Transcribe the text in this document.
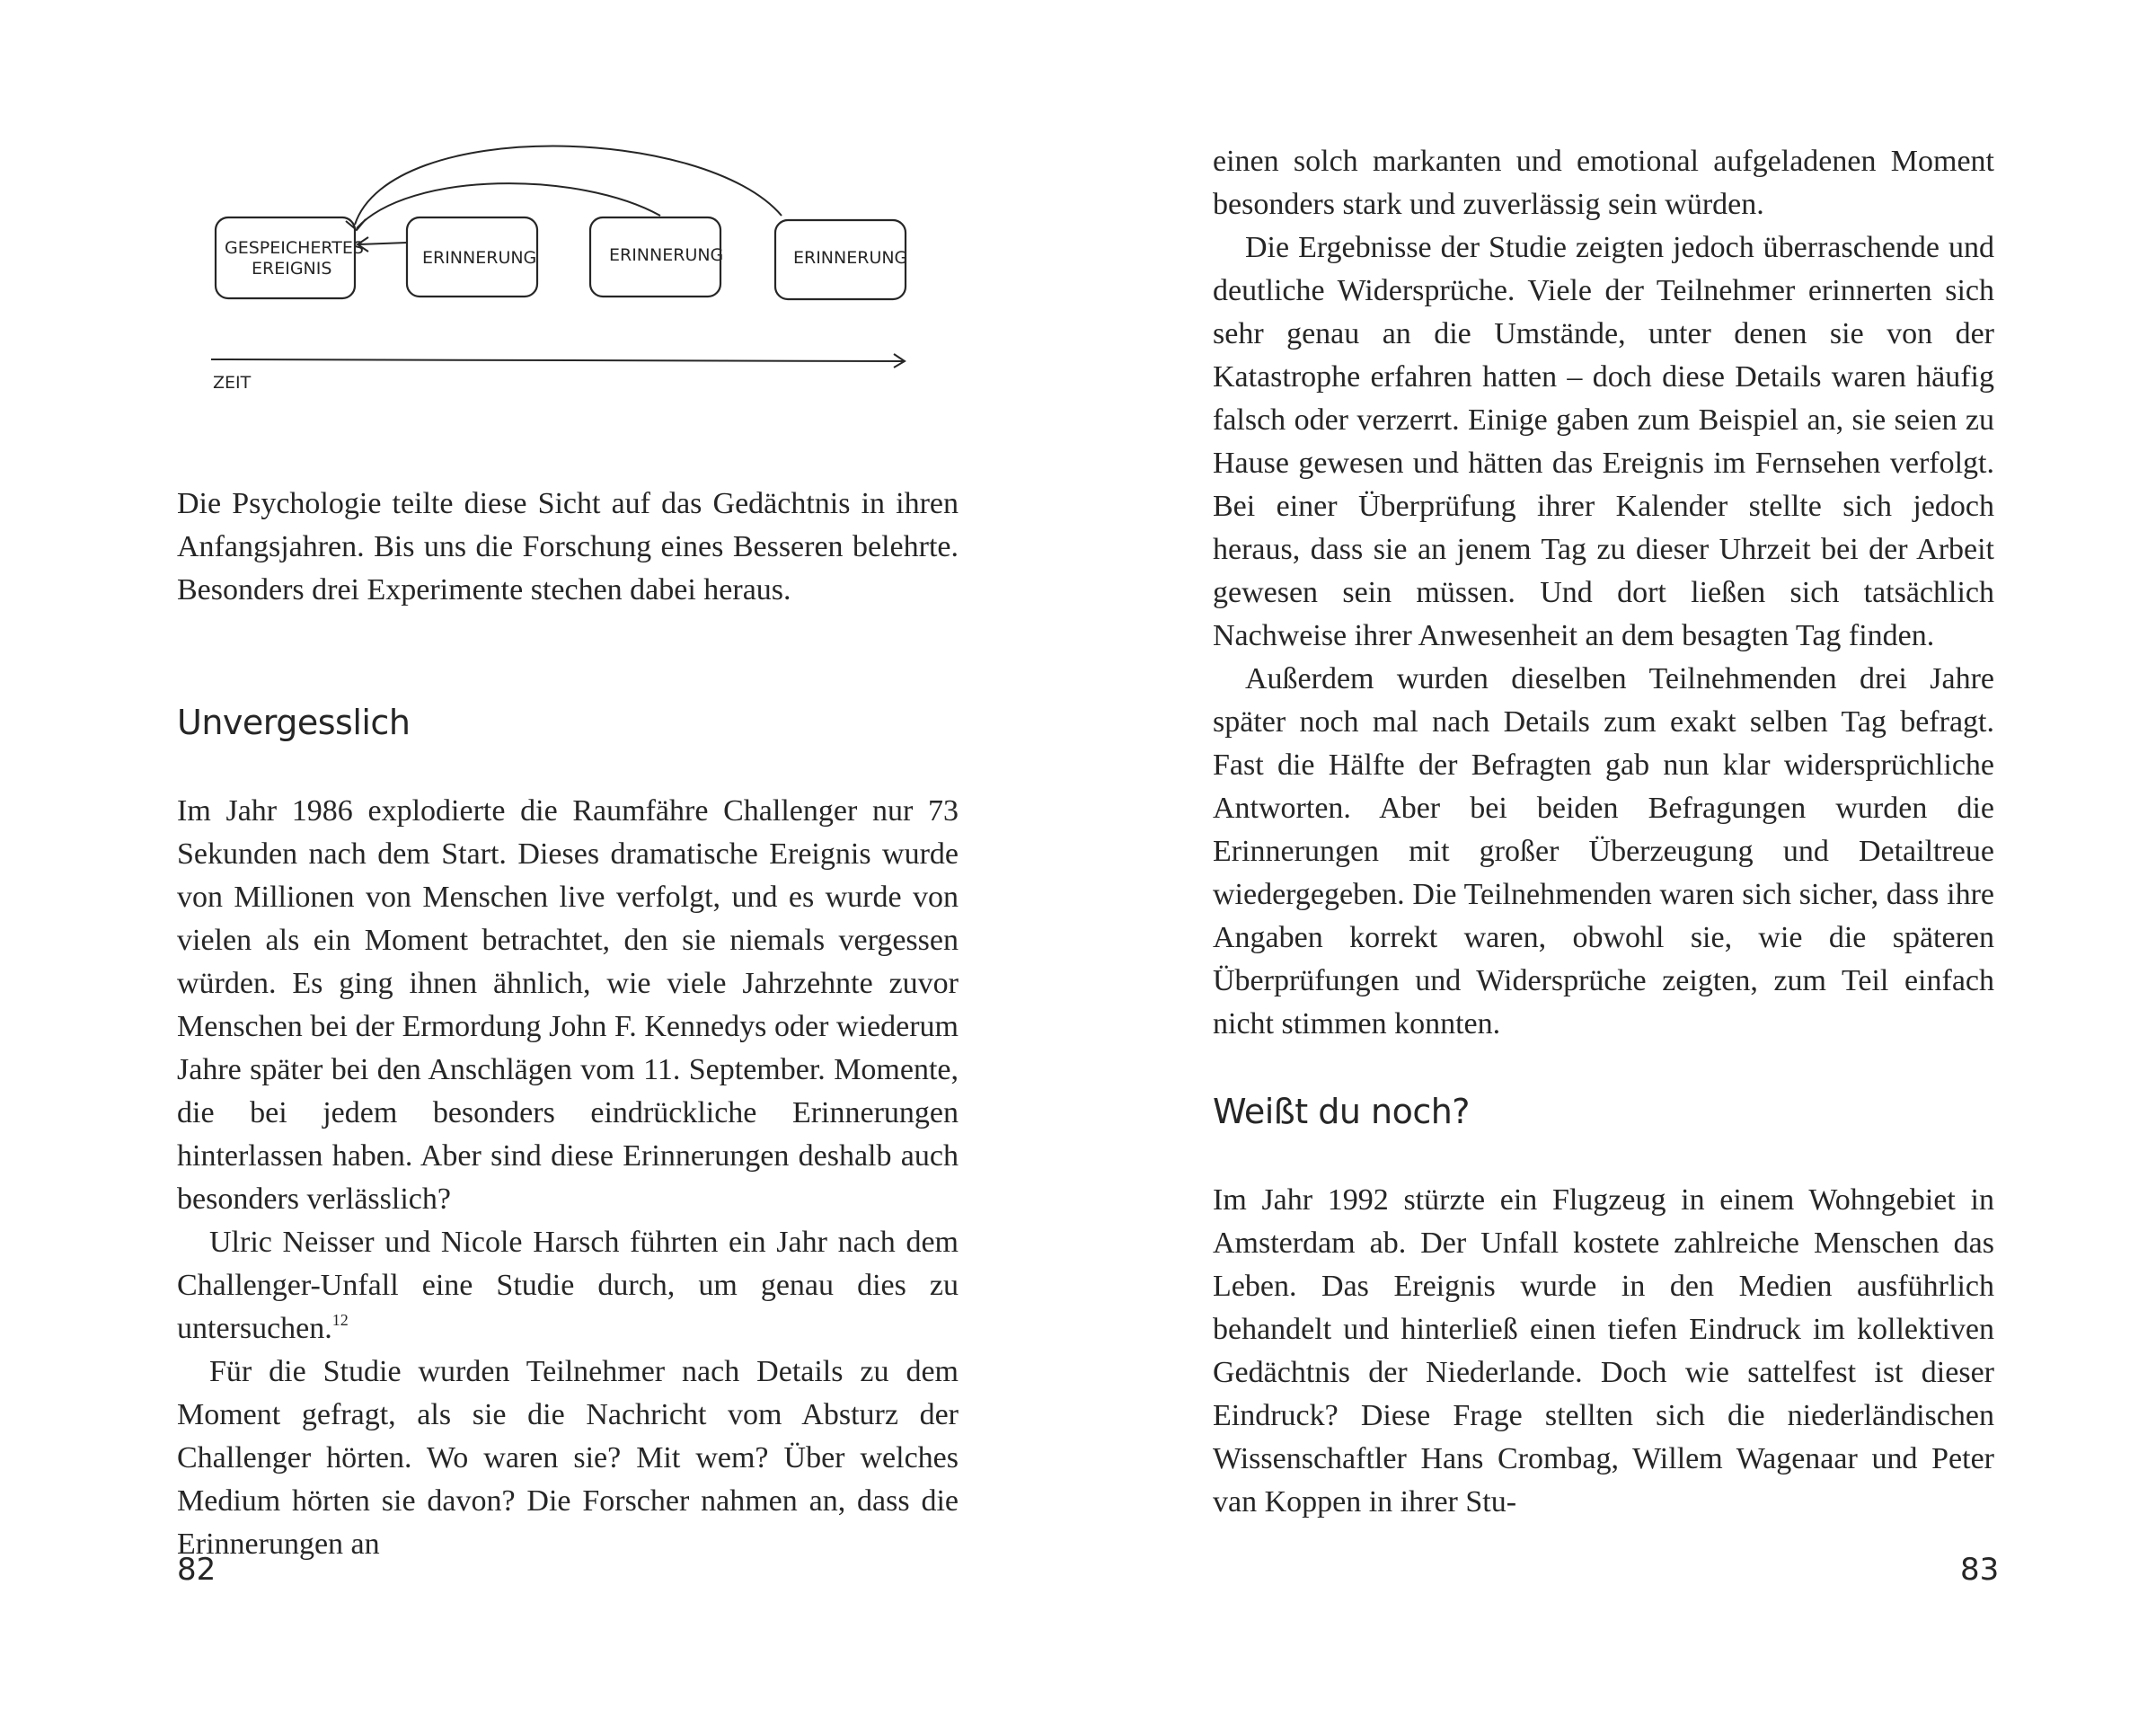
GESPEICHERTES
EREIGNIS
ERINNERUNG	ERINNERUNG	ERINNERUNG
ZEIT

Die Psychologie teilte diese Sicht auf das Gedächtnis in ihren Anfangsjahren. Bis uns die Forschung eines Besseren belehrte. Besonders drei Experimente stechen dabei heraus.

Unvergesslich

Im Jahr 1986 explodierte die Raumfähre Challenger nur 73 Sekunden nach dem Start. Dieses dramatische Ereignis wurde von Millionen von Menschen live verfolgt, und es wurde von vielen als ein Moment betrachtet, den sie niemals vergessen würden. Es ging ihnen ähnlich, wie viele Jahrzehnte zuvor Menschen bei der Ermordung John F. Kennedys oder wiederum Jahre später bei den Anschlägen vom 11. September. Momente, die bei jedem besonders eindrückliche Erinnerungen hinterlassen haben. Aber sind diese Erinnerungen deshalb auch besonders verlässlich?

Ulric Neisser und Nicole Harsch führten ein Jahr nach dem Challenger-Unfall eine Studie durch, um genau dies zu untersuchen.$^{12}$

Für die Studie wurden Teilnehmer nach Details zu dem Moment gefragt, als sie die Nachricht vom Absturz der Challenger hörten. Wo waren sie? Mit wem? Über welches Medium hörten sie davon? Die Forscher nahmen an, dass die Erinnerungen an

82

einen solch markanten und emotional aufgeladenen Moment besonders stark und zuverlässig sein würden.

Die Ergebnisse der Studie zeigten jedoch überraschende und deutliche Widersprüche. Viele der Teilnehmer erinnerten sich sehr genau an die Umstände, unter denen sie von der Katastrophe erfahren hatten – doch diese Details waren häufig falsch oder verzerrt. Einige gaben zum Beispiel an, sie seien zu Hause gewesen und hätten das Ereignis im Fernsehen verfolgt. Bei einer Überprüfung ihrer Kalender stellte sich jedoch heraus, dass sie an jenem Tag zu dieser Uhrzeit bei der Arbeit gewesen sein müssen. Und dort ließen sich tatsächlich Nachweise ihrer Anwesenheit an dem besagten Tag finden.

Außerdem wurden dieselben Teilnehmenden drei Jahre später noch mal nach Details zum exakt selben Tag befragt. Fast die Hälfte der Befragten gab nun klar widersprüchliche Antworten. Aber bei beiden Befragungen wurden die Erinnerungen mit großer Überzeugung und Detailtreue wiedergegeben. Die Teilnehmenden waren sich sicher, dass ihre Angaben korrekt waren, obwohl sie, wie die späteren Überprüfungen und Widersprüche zeigten, zum Teil einfach nicht stimmen konnten.

Weißt du noch?

Im Jahr 1992 stürzte ein Flugzeug in einem Wohngebiet in Amsterdam ab. Der Unfall kostete zahlreiche Menschen das Leben. Das Ereignis wurde in den Medien ausführlich behandelt und hinterließ einen tiefen Eindruck im kollektiven Gedächtnis der Niederlande. Doch wie sattelfest ist dieser Eindruck? Diese Frage stellten sich die niederländischen Wissenschaftler Hans Crombag, Willem Wagenaar und Peter van Koppen in ihrer Stu-

83
